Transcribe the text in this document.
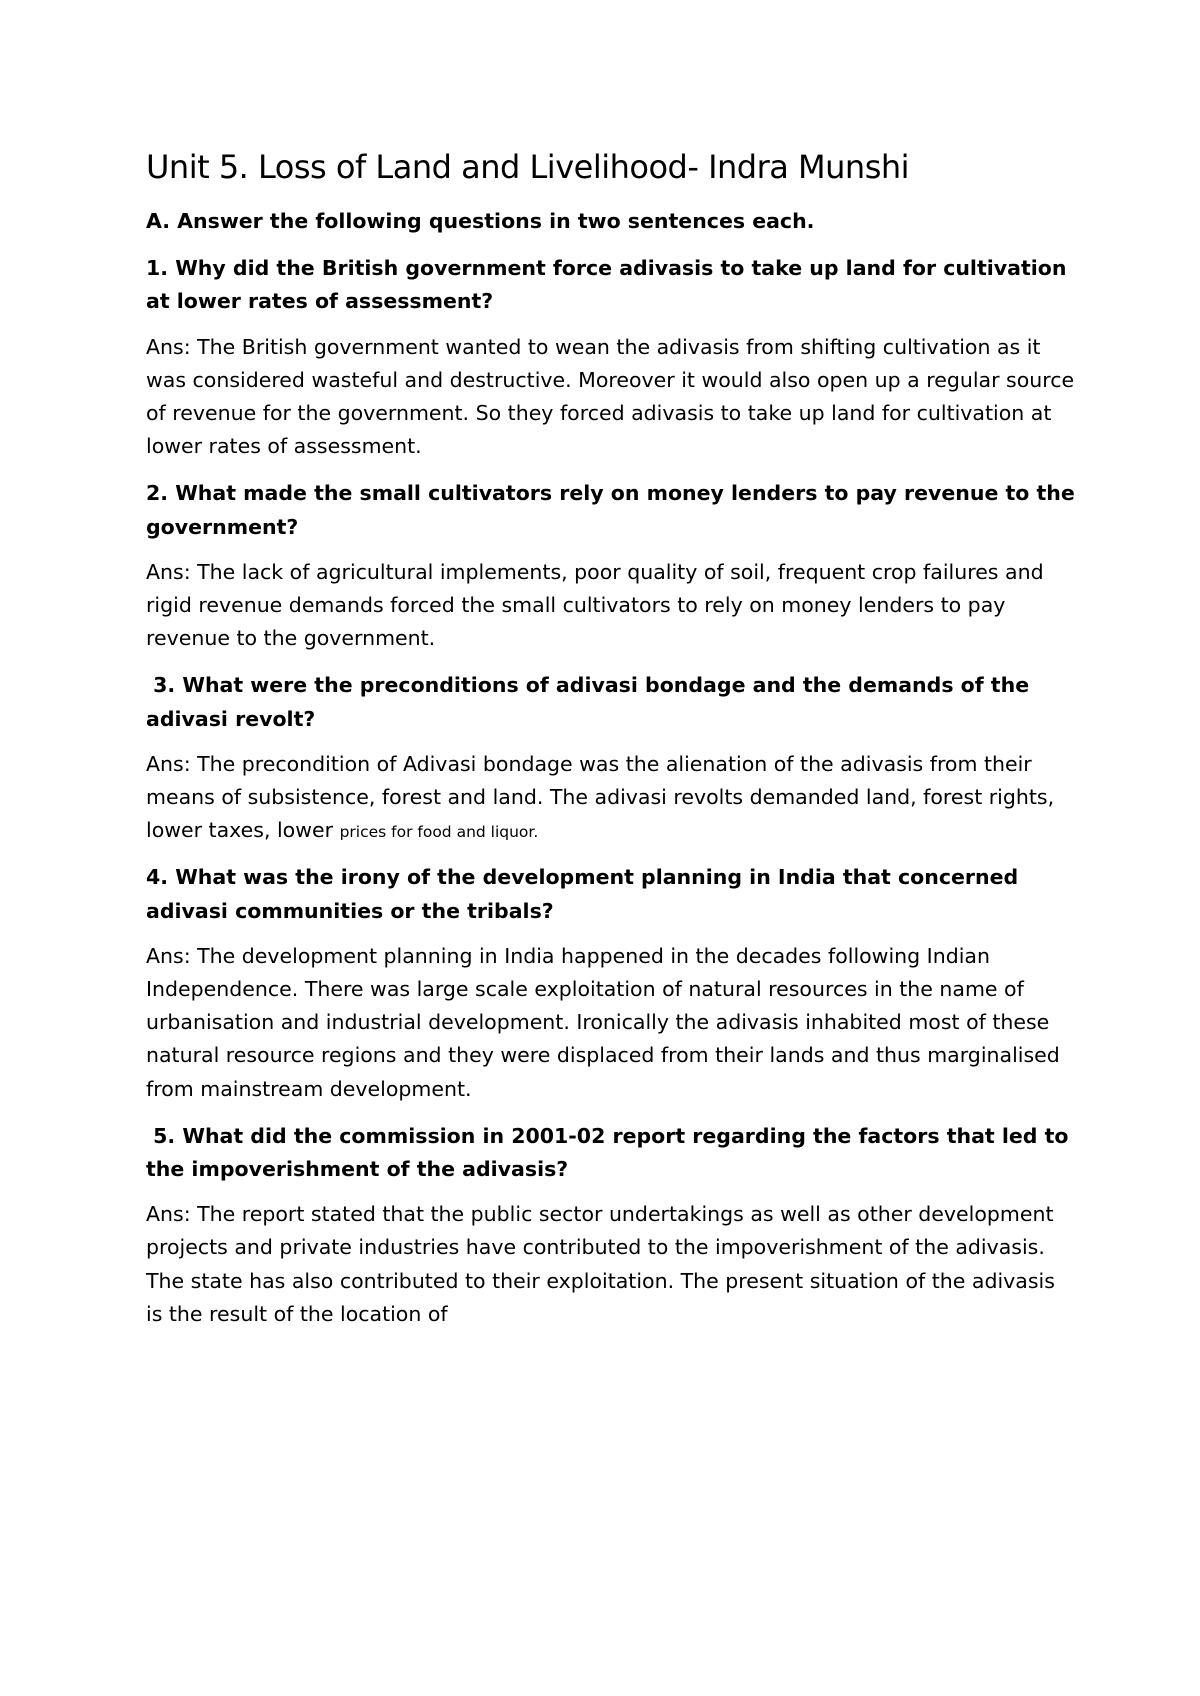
Unit 5. Loss of Land and Livelihood- Indra Munshi

A. Answer the following questions in two sentences each.

1. Why did the British government force adivasis to take up land for cultivation at lower rates of assessment?

Ans: The British government wanted to wean the adivasis from shifting cultivation as it was considered wasteful and destructive. Moreover it would also open up a regular source of revenue for the government. So they forced adivasis to take up land for cultivation at lower rates of assessment.

2. What made the small cultivators rely on money lenders to pay revenue to the government?

Ans: The lack of agricultural implements, poor quality of soil, frequent crop failures and rigid revenue demands forced the small cultivators to rely on money lenders to pay revenue to the government.

3. What were the preconditions of adivasi bondage and the demands of the adivasi revolt?

Ans: The precondition of Adivasi bondage was the alienation of the adivasis from their means of subsistence, forest and land. The adivasi revolts demanded land, forest rights, lower taxes, lower prices for food and liquor.

4. What was the irony of the development planning in India that concerned adivasi communities or the tribals?

Ans: The development planning in India happened in the decades following Indian Independence. There was large scale exploitation of natural resources in the name of urbanisation and industrial development. Ironically the adivasis inhabited most of these natural resource regions and they were displaced from their lands and thus marginalised from mainstream development.

5. What did the commission in 2001-02 report regarding the factors that led to the impoverishment of the adivasis?

Ans: The report stated that the public sector undertakings as well as other development projects and private industries have contributed to the impoverishment of the adivasis. The state has also contributed to their exploitation. The present situation of the adivasis is the result of the location of
